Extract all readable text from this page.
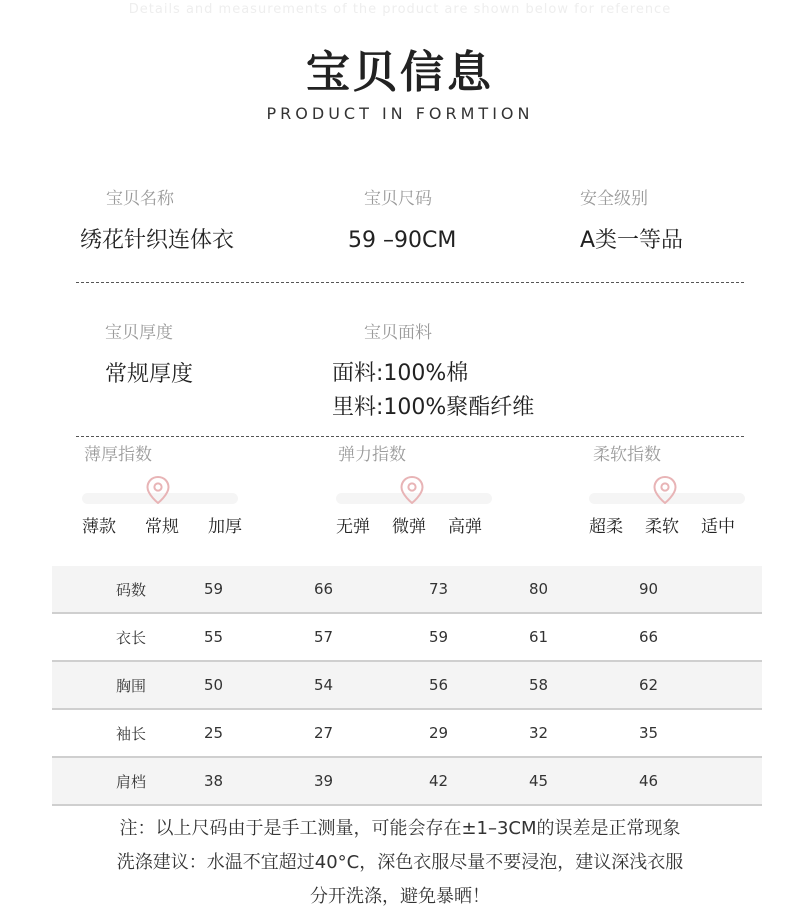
Details and measurements of the product are shown below for reference
宝贝信息
PRODUCT IN FORMTION
宝贝名称
绣花针织连体衣
宝贝尺码
59 –90CM
安全级别
A类一等品
宝贝厚度
常规厚度
宝贝面料
面料:100%棉
里料:100%聚酯纤维
薄厚指数
薄款 常规 加厚
弹力指数
无弹 微弹 高弹
柔软指数
超柔 柔软 适中
码数	59	66	73	80	90
衣长	55	57	59	61	66
胸围	50	54	56	58	62
袖长	25	27	29	32	35
肩档	38	39	42	45	46
注：以上尺码由于是手工测量，可能会存在±1–3CM的误差是正常现象
洗涤建议：水温不宜超过40°C，深色衣服尽量不要浸泡，建议深浅衣服
分开洗涤，避免暴晒！
